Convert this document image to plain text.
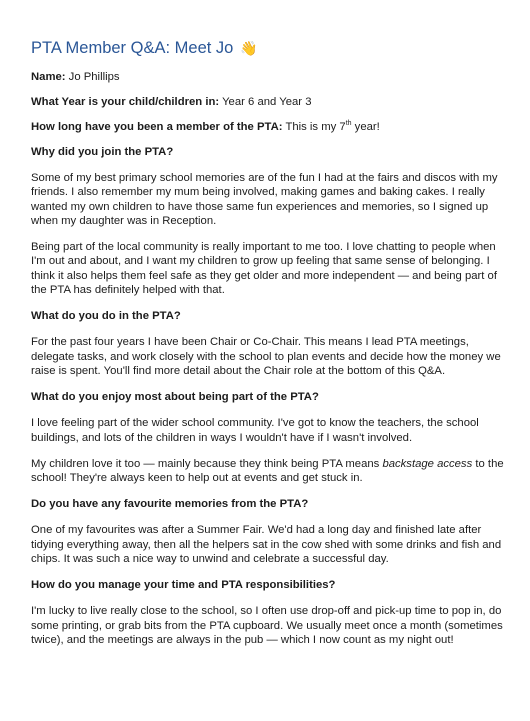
PTA Member Q&A: Meet Jo 👋
Name: Jo Phillips
What Year is your child/children in: Year 6 and Year 3
How long have you been a member of the PTA: This is my 7th year!
Why did you join the PTA?
Some of my best primary school memories are of the fun I had at the fairs and discos with my friends. I also remember my mum being involved, making games and baking cakes. I really wanted my own children to have those same fun experiences and memories, so I signed up when my daughter was in Reception.
Being part of the local community is really important to me too. I love chatting to people when I'm out and about, and I want my children to grow up feeling that same sense of belonging. I think it also helps them feel safe as they get older and more independent — and being part of the PTA has definitely helped with that.
What do you do in the PTA?
For the past four years I have been Chair or Co-Chair. This means I lead PTA meetings, delegate tasks, and work closely with the school to plan events and decide how the money we raise is spent. You'll find more detail about the Chair role at the bottom of this Q&A.
What do you enjoy most about being part of the PTA?
I love feeling part of the wider school community. I've got to know the teachers, the school buildings, and lots of the children in ways I wouldn't have if I wasn't involved.
My children love it too — mainly because they think being PTA means backstage access to the school! They're always keen to help out at events and get stuck in.
Do you have any favourite memories from the PTA?
One of my favourites was after a Summer Fair. We'd had a long day and finished late after tidying everything away, then all the helpers sat in the cow shed with some drinks and fish and chips. It was such a nice way to unwind and celebrate a successful day.
How do you manage your time and PTA responsibilities?
I'm lucky to live really close to the school, so I often use drop-off and pick-up time to pop in, do some printing, or grab bits from the PTA cupboard. We usually meet once a month (sometimes twice), and the meetings are always in the pub — which I now count as my night out!
